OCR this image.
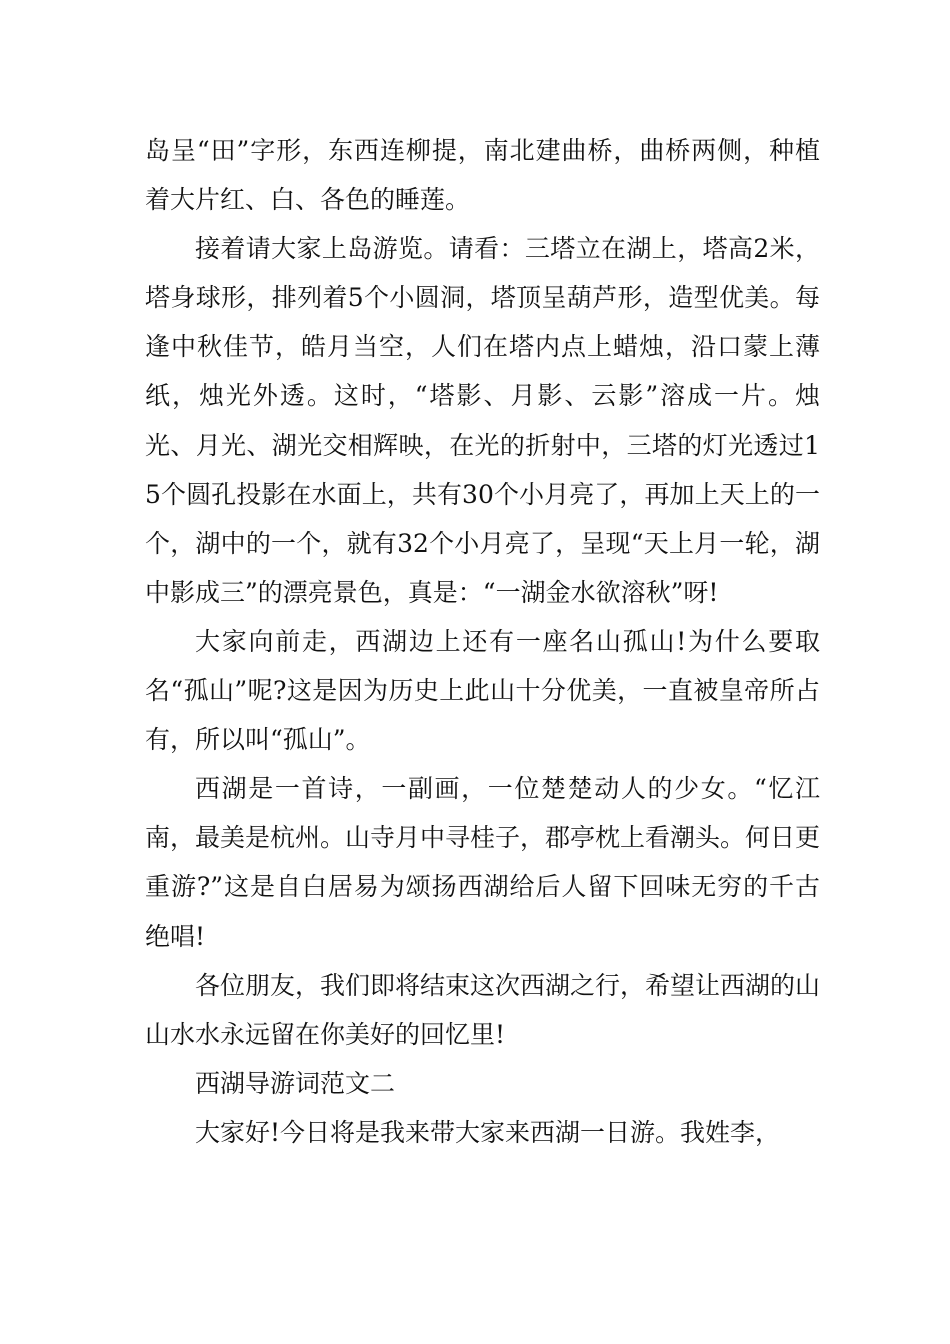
岛呈“田”字形，东西连柳提，南北建曲桥，曲桥两侧，种植着大片红、白、各色的睡莲。

接着请大家上岛游览。请看：三塔立在湖上，塔高2米，塔身球形，排列着5个小圆洞，塔顶呈葫芦形，造型优美。每逢中秋佳节，皓月当空，人们在塔内点上蜡烛，沿口蒙上薄纸，烛光外透。这时，“塔影、月影、云影”溶成一片。烛光、月光、湖光交相辉映，在光的折射中，三塔的灯光透过15个圆孔投影在水面上，共有30个小月亮了，再加上天上的一个，湖中的一个，就有32个小月亮了，呈现“天上月一轮，湖中影成三”的漂亮景色，真是：“一湖金水欲溶秋”呀!

大家向前走，西湖边上还有一座名山孤山!为什么要取名“孤山”呢?这是因为历史上此山十分优美，一直被皇帝所占有，所以叫“孤山”。

西湖是一首诗，一副画，一位楚楚动人的少女。“忆江南，最美是杭州。山寺月中寻桂子，郡亭枕上看潮头。何日更重游?”这是自白居易为颂扬西湖给后人留下回味无穷的千古绝唱!

各位朋友，我们即将结束这次西湖之行，希望让西湖的山山水水永远留在你美好的回忆里!

西湖导游词范文二

大家好!今日将是我来带大家来西湖一日游。我姓李，
